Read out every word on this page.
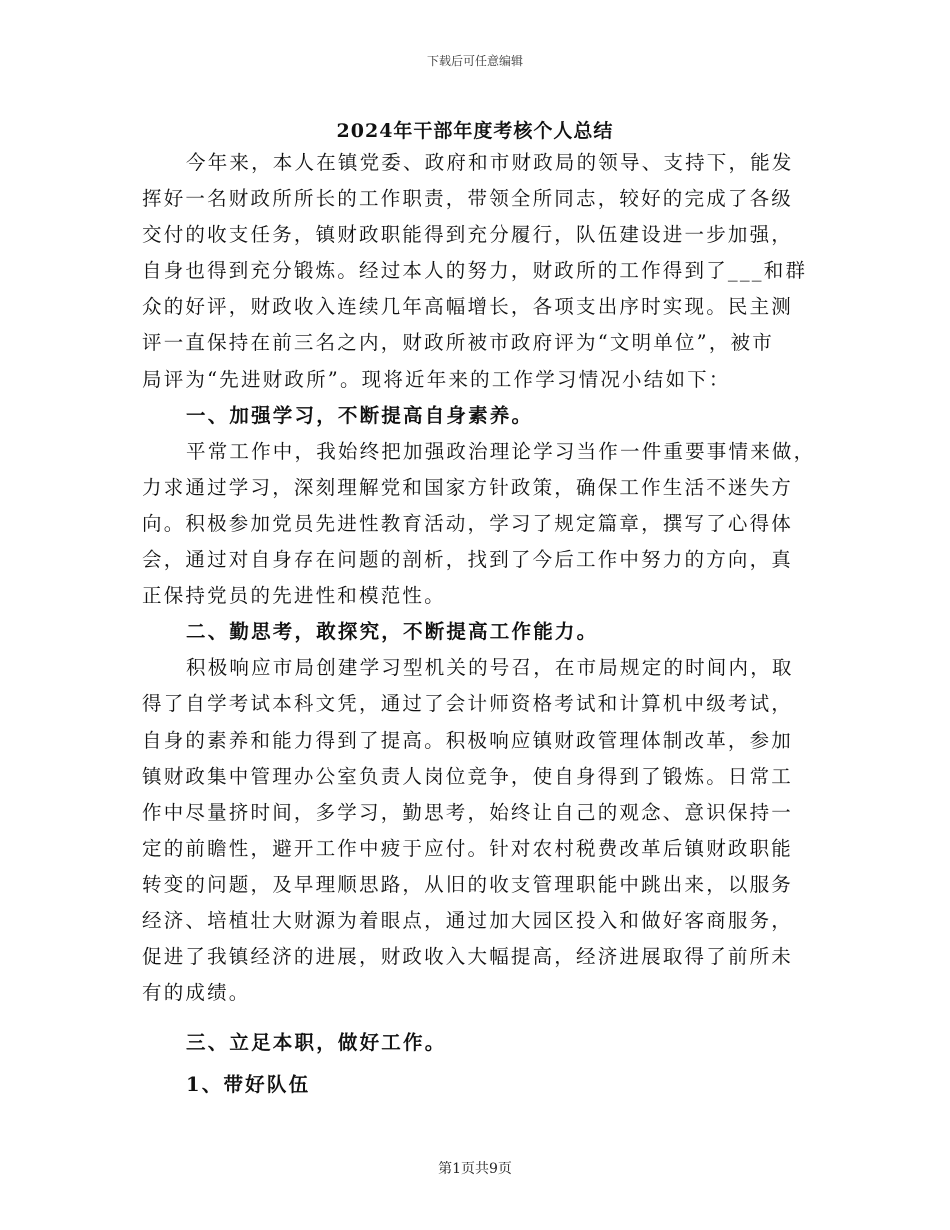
下载后可任意编辑
2024年干部年度考核个人总结
今年来，本人在镇党委、政府和市财政局的领导、支持下，能发
挥好一名财政所所长的工作职责，带领全所同志，较好的完成了各级
交付的收支任务，镇财政职能得到充分履行，队伍建设进一步加强，
自身也得到充分锻炼。经过本人的努力，财政所的工作得到了___和群
众的好评，财政收入连续几年高幅增长，各项支出序时实现。民主测
评一直保持在前三名之内，财政所被市政府评为“文明单位”，被市
局评为“先进财政所”。现将近年来的工作学习情况小结如下：
一、加强学习，不断提高自身素养。
平常工作中，我始终把加强政治理论学习当作一件重要事情来做，
力求通过学习，深刻理解党和国家方针政策，确保工作生活不迷失方
向。积极参加党员先进性教育活动，学习了规定篇章，撰写了心得体
会，通过对自身存在问题的剖析，找到了今后工作中努力的方向，真
正保持党员的先进性和模范性。
二、勤思考，敢探究，不断提高工作能力。
积极响应市局创建学习型机关的号召，在市局规定的时间内，取
得了自学考试本科文凭，通过了会计师资格考试和计算机中级考试，
自身的素养和能力得到了提高。积极响应镇财政管理体制改革，参加
镇财政集中管理办公室负责人岗位竞争，使自身得到了锻炼。日常工
作中尽量挤时间，多学习，勤思考，始终让自己的观念、意识保持一
定的前瞻性，避开工作中疲于应付。针对农村税费改革后镇财政职能
转变的问题，及早理顺思路，从旧的收支管理职能中跳出来，以服务
经济、培植壮大财源为着眼点，通过加大园区投入和做好客商服务，
促进了我镇经济的进展，财政收入大幅提高，经济进展取得了前所未
有的成绩。
三、立足本职，做好工作。
1、带好队伍
第1页共9页
